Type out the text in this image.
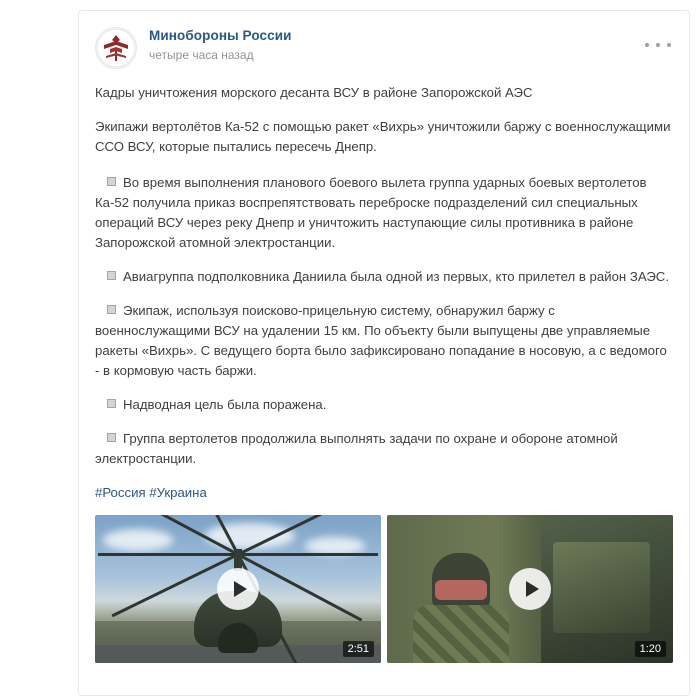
Минобороны России
четыре часа назад

Кадры уничтожения морского десанта ВСУ в районе Запорожской АЭС

Экипажи вертолётов Ка-52 с помощью ракет «Вихрь» уничтожили баржу с военнослужащими ССО ВСУ, которые пытались пересечь Днепр.

Во время выполнения планового боевого вылета группа ударных боевых вертолетов Ка-52 получила приказ воспрепятствовать переброске подразделений сил специальных операций ВСУ через реку Днепр и уничтожить наступающие силы противника в районе Запорожской атомной электростанции.

Авиагруппа подполковника Даниила была одной из первых, кто прилетел в район ЗАЭС.

Экипаж, используя поисково-прицельную систему, обнаружил баржу с военнослужащими ВСУ на удалении 15 км. По объекту были выпущены две управляемые ракеты «Вихрь». С ведущего борта было зафиксировано попадание в носовую, а с ведомого - в кормовую часть баржи.

Надводная цель была поражена.

Группа вертолетов продолжила выполнять задачи по охране и обороне атомной электростанции.

#Россия #Украина

2:51	1:20
